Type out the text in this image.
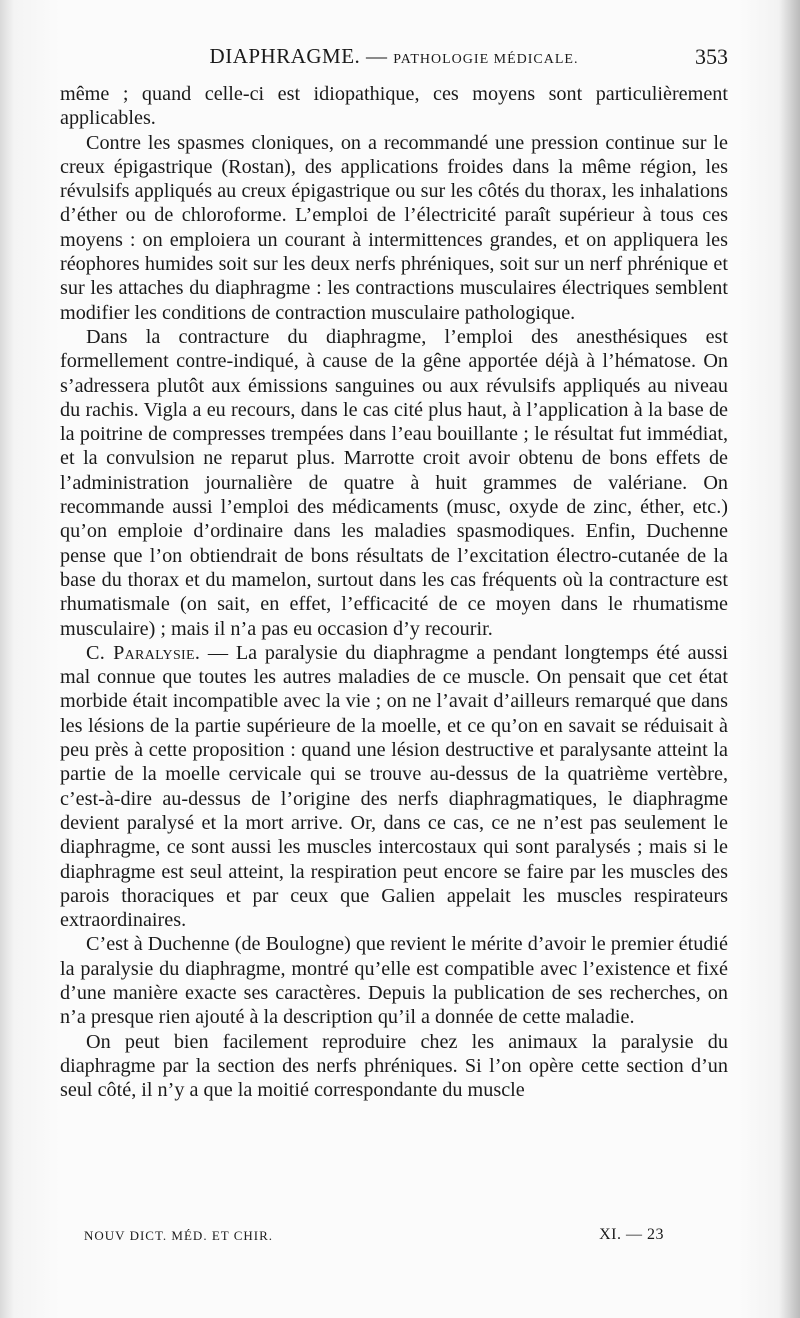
DIAPHRAGME. — PATHOLOGIE MÉDICALE.	353

même ; quand celle-ci est idiopathique, ces moyens sont particulièrement applicables.

Contre les spasmes cloniques, on a recommandé une pression continue sur le creux épigastrique (Rostan), des applications froides dans la même région, les révulsifs appliqués au creux épigastrique ou sur les côtés du thorax, les inhalations d’éther ou de chloroforme. L’emploi de l’électricité paraît supérieur à tous ces moyens : on emploiera un courant à intermittences grandes, et on appliquera les réophores humides soit sur les deux nerfs phréniques, soit sur un nerf phrénique et sur les attaches du diaphragme : les contractions musculaires électriques semblent modifier les conditions de contraction musculaire pathologique.

Dans la contracture du diaphragme, l’emploi des anesthésiques est formellement contre-indiqué, à cause de la gêne apportée déjà à l’hématose. On s’adressera plutôt aux émissions sanguines ou aux révulsifs appliqués au niveau du rachis. Vigla a eu recours, dans le cas cité plus haut, à l’application à la base de la poitrine de compresses trempées dans l’eau bouillante ; le résultat fut immédiat, et la convulsion ne reparut plus. Marrotte croit avoir obtenu de bons effets de l’administration journalière de quatre à huit grammes de valériane. On recommande aussi l’emploi des médicaments (musc, oxyde de zinc, éther, etc.) qu’on emploie d’ordinaire dans les maladies spasmodiques. Enfin, Duchenne pense que l’on obtiendrait de bons résultats de l’excitation électro-cutanée de la base du thorax et du mamelon, surtout dans les cas fréquents où la contracture est rhumatismale (on sait, en effet, l’efficacité de ce moyen dans le rhumatisme musculaire) ; mais il n’a pas eu occasion d’y recourir.

C. Paralysie. — La paralysie du diaphragme a pendant longtemps été aussi mal connue que toutes les autres maladies de ce muscle. On pensait que cet état morbide était incompatible avec la vie ; on ne l’avait d’ailleurs remarqué que dans les lésions de la partie supérieure de la moelle, et ce qu’on en savait se réduisait à peu près à cette proposition : quand une lésion destructive et paralysante atteint la partie de la moelle cervicale qui se trouve au-dessus de la quatrième vertèbre, c’est-à-dire au-dessus de l’origine des nerfs diaphragmatiques, le diaphragme devient paralysé et la mort arrive. Or, dans ce cas, ce ne n’est pas seulement le diaphragme, ce sont aussi les muscles intercostaux qui sont paralysés ; mais si le diaphragme est seul atteint, la respiration peut encore se faire par les muscles des parois thoraciques et par ceux que Galien appelait les muscles respirateurs extraordinaires.

C’est à Duchenne (de Boulogne) que revient le mérite d’avoir le premier étudié la paralysie du diaphragme, montré qu’elle est compatible avec l’existence et fixé d’une manière exacte ses caractères. Depuis la publication de ses recherches, on n’a presque rien ajouté à la description qu’il a donnée de cette maladie.

On peut bien facilement reproduire chez les animaux la paralysie du diaphragme par la section des nerfs phréniques. Si l’on opère cette section d’un seul côté, il n’y a que la moitié correspondante du muscle

NOUV DICT. MÉD. ET CHIR.	XI. — 23
